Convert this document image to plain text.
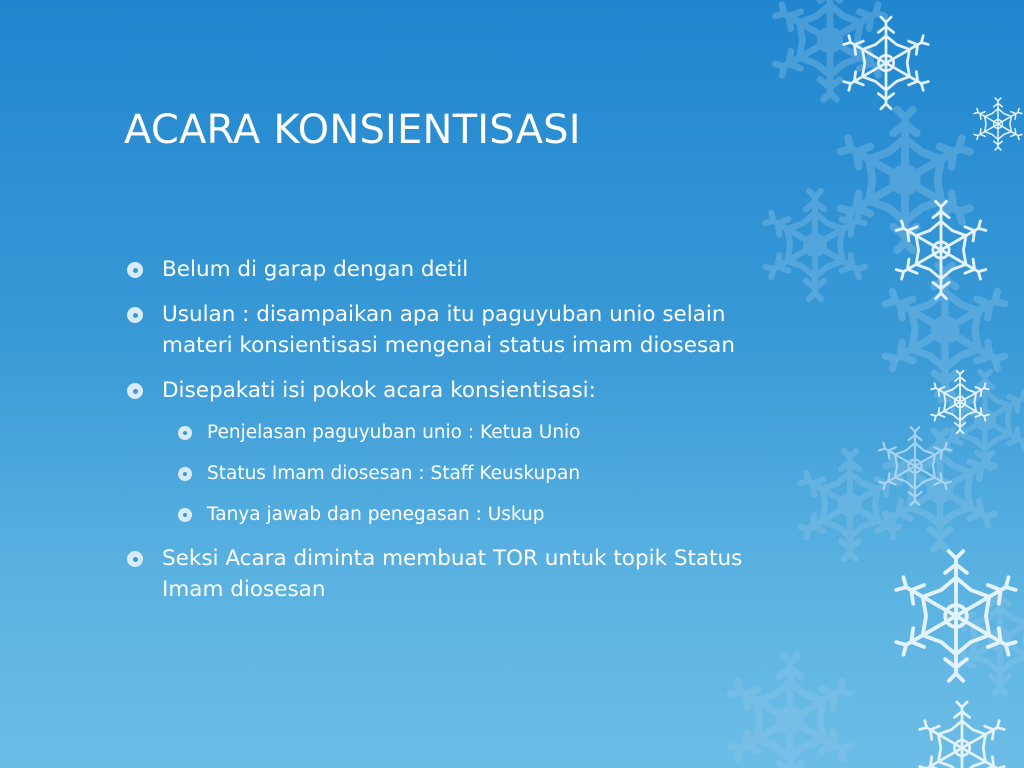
ACARA KONSIENTISASI
Belum di garap dengan detil
Usulan : disampaikan apa itu paguyuban unio selain
materi konsientisasi mengenai status imam diosesan
Disepakati isi pokok acara konsientisasi:
Penjelasan paguyuban unio : Ketua Unio
Status Imam diosesan : Staff Keuskupan
Tanya jawab dan penegasan : Uskup
Seksi Acara diminta membuat TOR untuk topik Status
Imam diosesan
